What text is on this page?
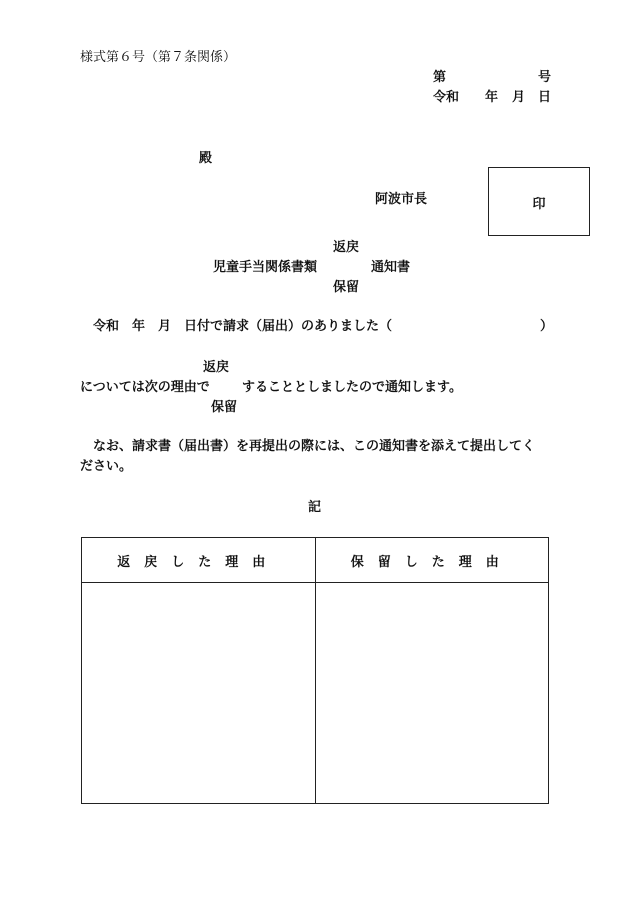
様式第６号（第７条関係）
第	号
令和 年 月 日
殿
阿波市長	印
返戻
児童手当関係書類	通知書
保留
令和　年　月　日付で請求（届出）のありました（	）
返戻
については次の理由で することとしましたので通知します。
保留
なお、請求書（届出書）を再提出の際には、この通知書を添えて提出してく
ださい。
記
返戻した理由	保留した理由
